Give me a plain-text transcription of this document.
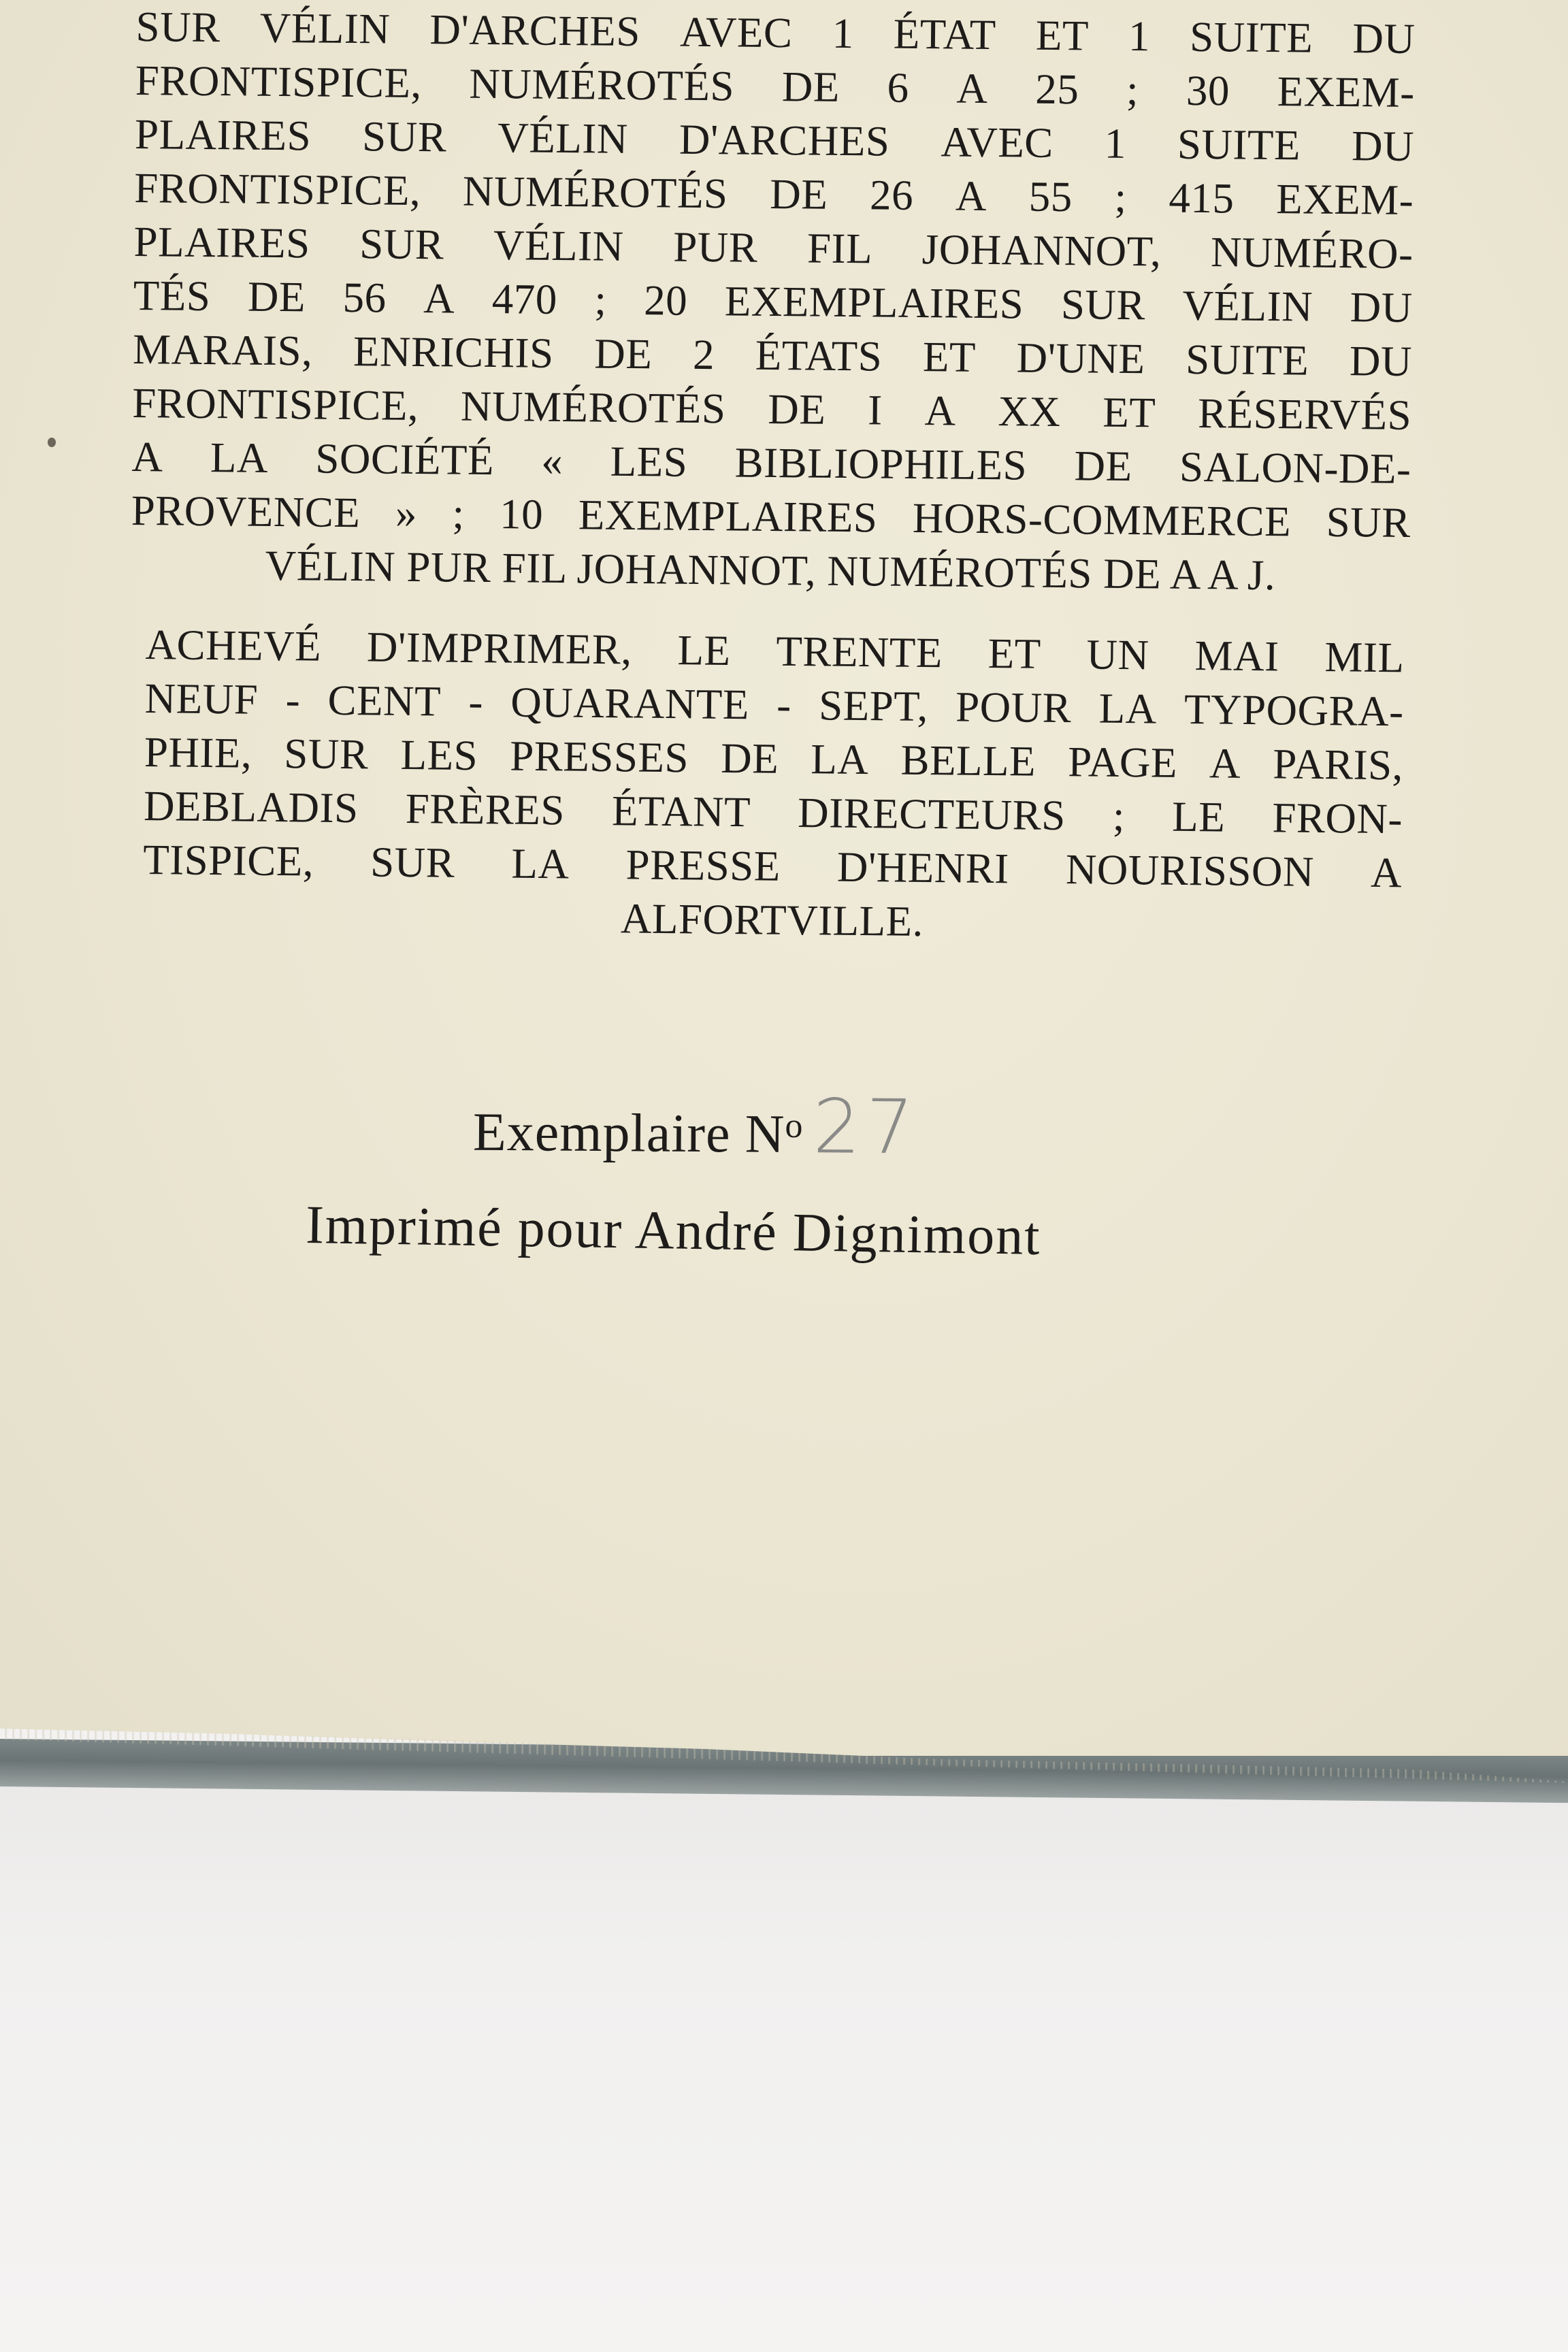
SUR VÉLIN D'ARCHES AVEC 1 ÉTAT ET 1 SUITE DU
FRONTISPICE, NUMÉROTÉS DE 6 A 25 ; 30 EXEM-
PLAIRES SUR VÉLIN D'ARCHES AVEC 1 SUITE DU
FRONTISPICE, NUMÉROTÉS DE 26 A 55 ; 415 EXEM-
PLAIRES SUR VÉLIN PUR FIL JOHANNOT, NUMÉRO-
TÉS DE 56 A 470 ; 20 EXEMPLAIRES SUR VÉLIN DU
MARAIS, ENRICHIS DE 2 ÉTATS ET D'UNE SUITE DU
FRONTISPICE, NUMÉROTÉS DE I A XX ET RÉSERVÉS
A LA SOCIÉTÉ « LES BIBLIOPHILES DE SALON-DE-
PROVENCE » ; 10 EXEMPLAIRES HORS-COMMERCE SUR
VÉLIN PUR FIL JOHANNOT, NUMÉROTÉS DE A A J.
ACHEVÉ D'IMPRIMER, LE TRENTE ET UN MAI MIL
NEUF - CENT - QUARANTE - SEPT, POUR LA TYPOGRA-
PHIE, SUR LES PRESSES DE LA BELLE PAGE A PARIS,
DEBLADIS FRÈRES ÉTANT DIRECTEURS ; LE FRON-
TISPICE, SUR LA PRESSE D'HENRI NOURISSON A
ALFORTVILLE.
Exemplaire $N^o$ 27
Imprimé pour André Dignimont
